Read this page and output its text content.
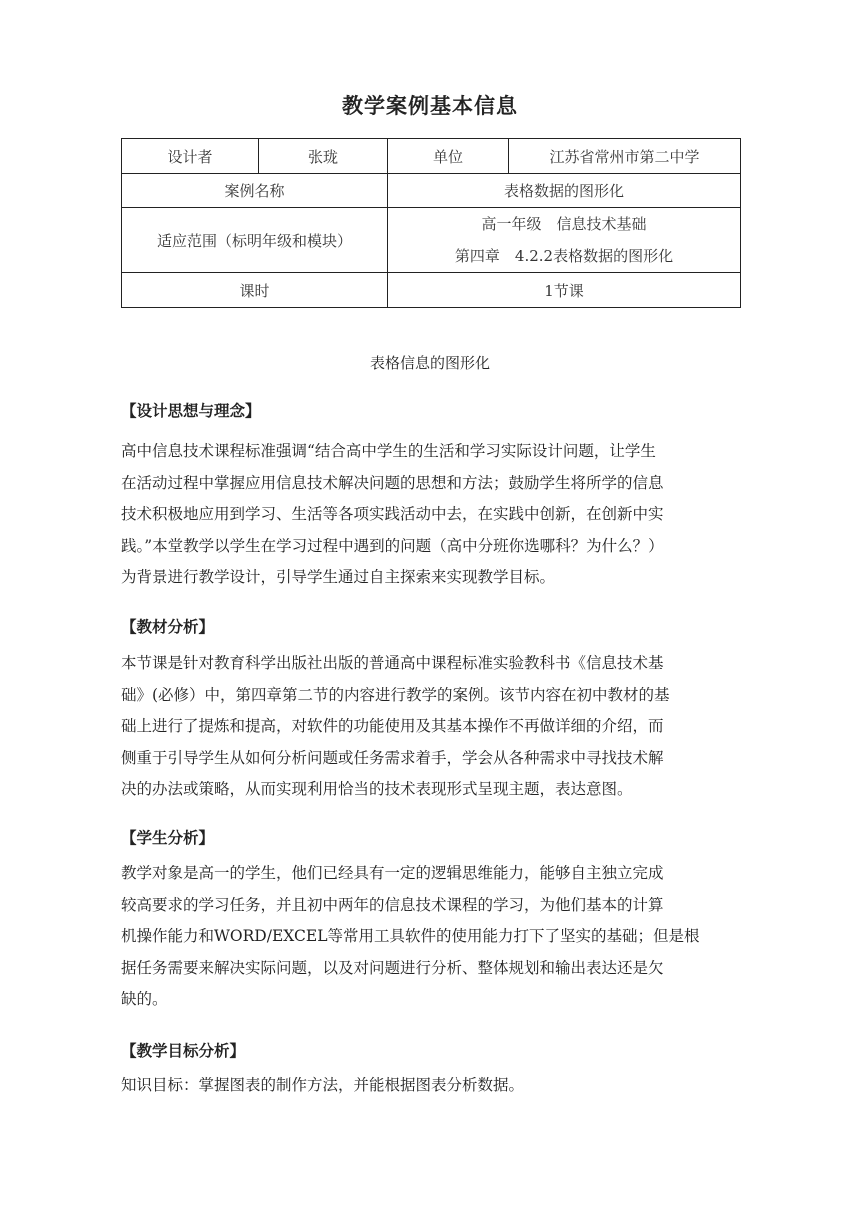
教学案例基本信息
设计者	张珑	单位	江苏省常州市第二中学
案例名称		表格数据的图形化	
适应范围（标明年级和模块）		高一年级　信息技术基础
第四章　4.2.2表格数据的图形化	

课时		1节课	
表格信息的图形化
【设计思想与理念】
高中信息技术课程标准强调“结合高中学生的生活和学习实际设计问题，让学生
在活动过程中掌握应用信息技术解决问题的思想和方法；鼓励学生将所学的信息
技术积极地应用到学习、生活等各项实践活动中去，在实践中创新，在创新中实
践。”本堂教学以学生在学习过程中遇到的问题（高中分班你选哪科？为什么？）
为背景进行教学设计，引导学生通过自主探索来实现教学目标。
【教材分析】
本节课是针对教育科学出版社出版的普通高中课程标准实验教科书《信息技术基
础》(必修）中，第四章第二节的内容进行教学的案例。该节内容在初中教材的基
础上进行了提炼和提高，对软件的功能使用及其基本操作不再做详细的介绍，而
侧重于引导学生从如何分析问题或任务需求着手，学会从各种需求中寻找技术解
决的办法或策略，从而实现利用恰当的技术表现形式呈现主题，表达意图。
【学生分析】
教学对象是高一的学生，他们已经具有一定的逻辑思维能力，能够自主独立完成
较高要求的学习任务，并且初中两年的信息技术课程的学习，为他们基本的计算
机操作能力和WORD/EXCEL等常用工具软件的使用能力打下了坚实的基础；但是根
据任务需要来解决实际问题，以及对问题进行分析、整体规划和输出表达还是欠
缺的。
【教学目标分析】
知识目标：掌握图表的制作方法，并能根据图表分析数据。
